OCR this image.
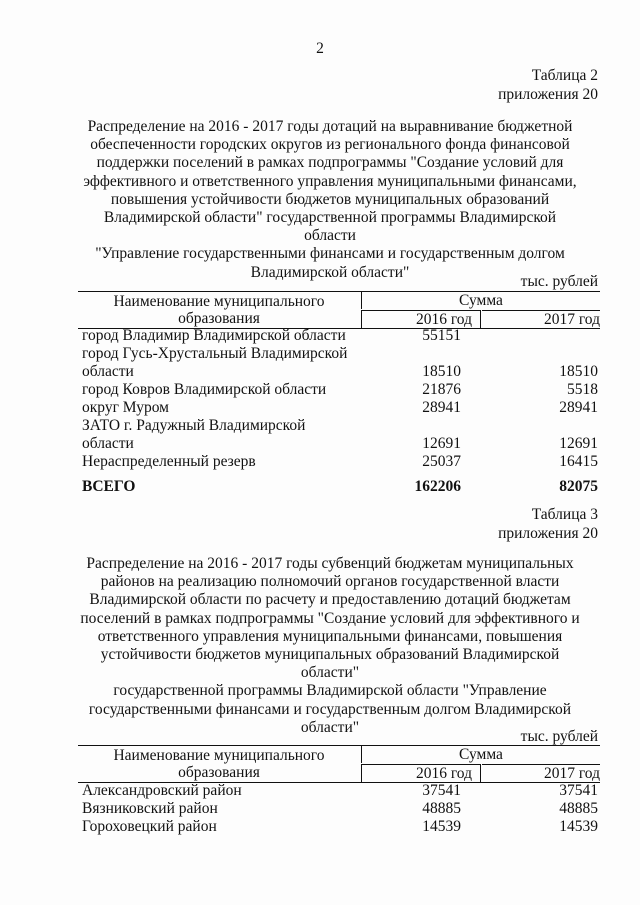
2
Таблица 2
приложения 20
Распределение на 2016 - 2017 годы дотаций на выравнивание бюджетной
обеспеченности городских округов из регионального фонда финансовой
поддержки поселений в рамках подпрограммы "Создание условий для
эффективного и ответственного управления муниципальными финансами,
повышения устойчивости бюджетов муниципальных образований
Владимирской области" государственной программы Владимирской области
"Управление государственными финансами и государственным долгом
Владимирской области"
тыс. рублей
Наименование муниципального
образования
Сумма
2016 год	2017 год
город Владимир Владимирской области	55151
город Гусь-Хрустальный Владимирской
области	18510	18510
город Ковров Владимирской области	21876	5518
округ Муром	28941	28941
ЗАТО г. Радужный Владимирской
области	12691	12691
Нераспределенный резерв	25037	16415
ВСЕГО	162206	82075
Таблица 3
приложения 20
Распределение на 2016 - 2017 годы субвенций бюджетам муниципальных
районов на реализацию полномочий органов государственной власти
Владимирской области по расчету и предоставлению дотаций бюджетам
поселений в рамках подпрограммы "Создание условий для эффективного и
ответственного управления муниципальными финансами, повышения
устойчивости бюджетов муниципальных образований Владимирской области"
государственной программы Владимирской области "Управление
государственными финансами и государственным долгом Владимирской
области"
тыс. рублей
Наименование муниципального
образования
Сумма
2016 год	2017 год
Александровский район	37541	37541
Вязниковский район	48885	48885
Гороховецкий район	14539	14539
